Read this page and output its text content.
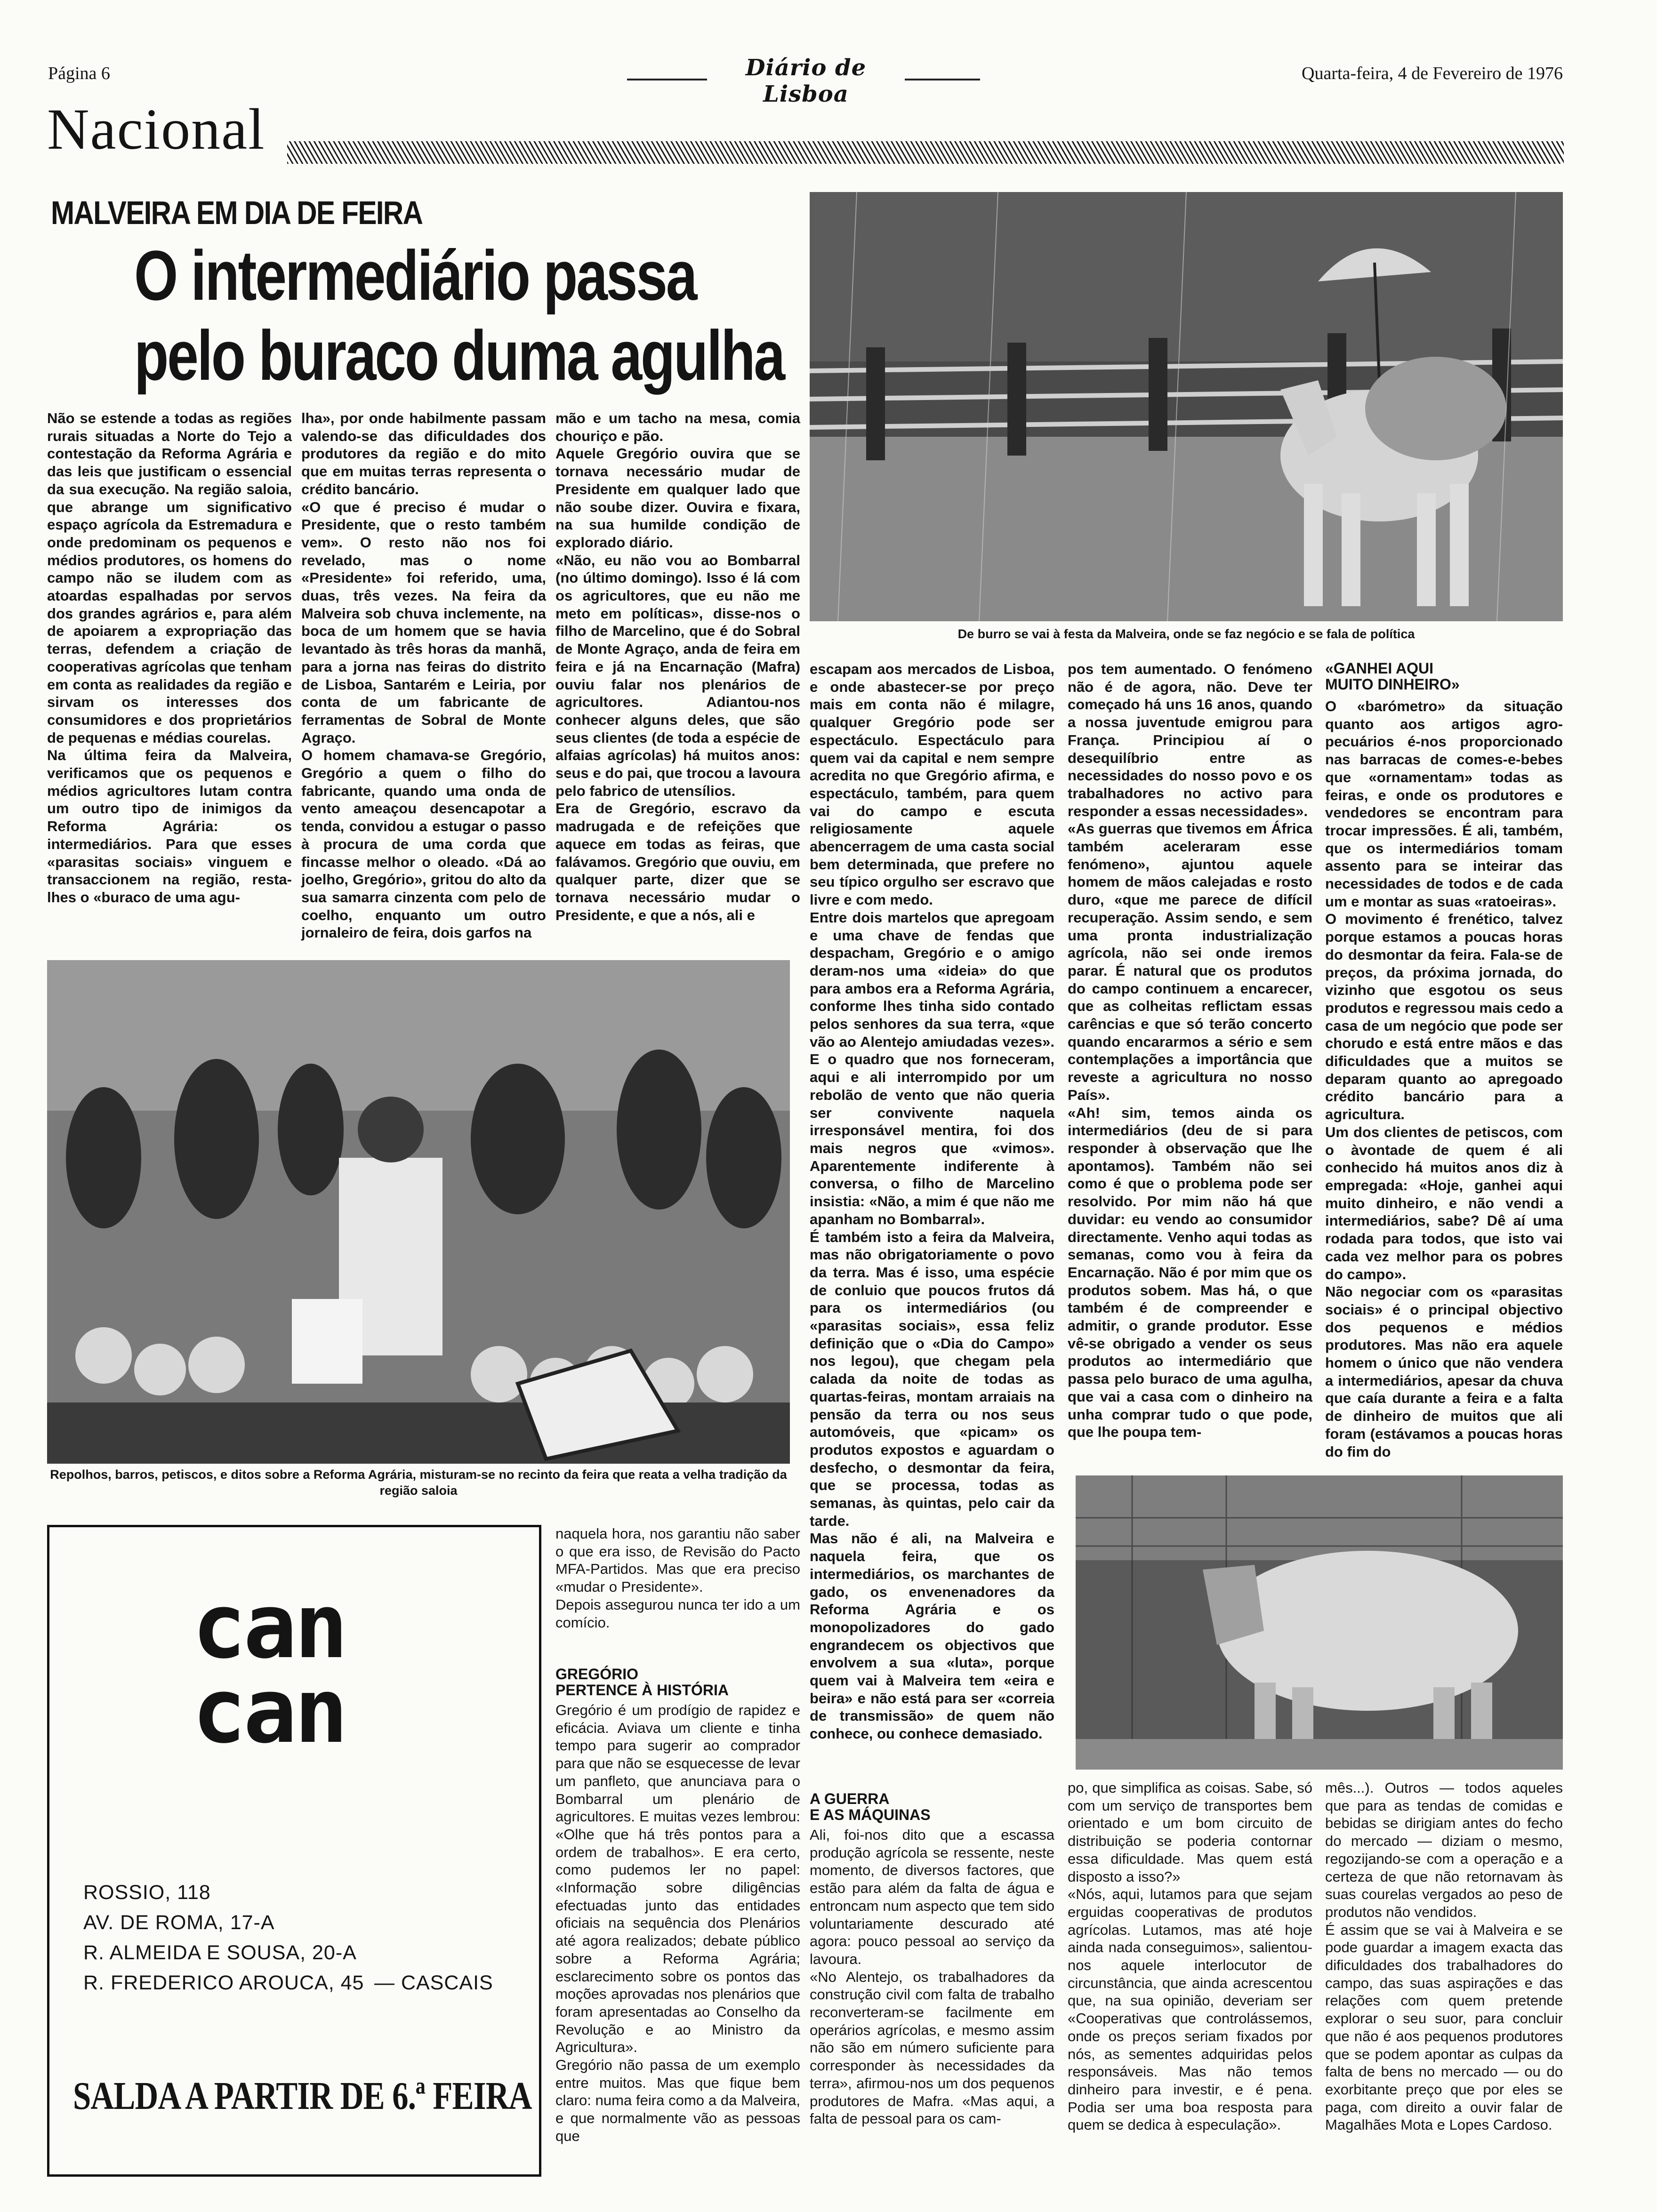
Página 6	Diário de Lisboa
Quarta-feira, 4 de Fevereiro de 1976
Nacional
MALVEIRA EM DIA DE FEIRA
O intermediário passa
pelo buraco duma agulha
De burro se vai à festa da Malveira, onde se faz negócio e se fala de política

Não se estende a todas as regiões rurais situadas a Norte do Tejo a contestação da Reforma Agrária e das leis que justificam o essencial da sua execução. Na região saloia, que abrange um significativo espaço agrícola da Estremadura e onde predominam os pequenos e médios produtores, os homens do campo não se iludem com as atoardas espalhadas por servos dos grandes agrários e, para além de apoiarem a expropriação das terras, defendem a criação de cooperativas agrícolas que tenham em conta as realidades da região e sirvam os interesses dos consumidores e dos proprietários de pequenas e médias courelas.
Na última feira da Malveira, verificamos que os pequenos e médios agricultores lutam contra um outro tipo de inimigos da Reforma Agrária: os intermediários. Para que esses «parasitas sociais» vinguem e transaccionem na região, resta-lhes o «buraco de uma agu-

lha», por onde habilmente passam valendo-se das dificuldades dos produtores da região e do mito que em muitas terras representa o crédito bancário.
«O que é preciso é mudar o Presidente, que o resto também vem». O resto não nos foi revelado, mas o nome «Presidente» foi referido, uma, duas, três vezes. Na feira da Malveira sob chuva inclemente, na boca de um homem que se havia levantado às três horas da manhã, para a jorna nas feiras do distrito de Lisboa, Santarém e Leiria, por conta de um fabricante de ferramentas de Sobral de Monte Agraço.
O homem chamava-se Gregório, Gregório a quem o filho do fabricante, quando uma onda de vento ameaçou desencapotar a tenda, convidou a estugar o passo à procura de uma corda que fincasse melhor o oleado. «Dá ao joelho, Gregório», gritou do alto da sua samarra cinzenta com pelo de coelho, enquanto um outro jornaleiro de feira, dois garfos na

mão e um tacho na mesa, comia chouriço e pão.
Aquele Gregório ouvira que se tornava necessário mudar de Presidente em qualquer lado que não soube dizer. Ouvira e fixara, na sua humilde condição de explorado diário.
«Não, eu não vou ao Bombarral (no último domingo). Isso é lá com os agricultores, que eu não me meto em políticas», disse-nos o filho de Marcelino, que é do Sobral de Monte Agraço, anda de feira em feira e já na Encarnação (Mafra) ouviu falar nos plenários de agricultores. Adiantou-nos conhecer alguns deles, que são seus clientes (de toda a espécie de alfaias agrícolas) há muitos anos: seus e do pai, que trocou a lavoura pelo fabrico de utensílios.
Era de Gregório, escravo da madrugada e de refeições que aquece em todas as feiras, que falávamos. Gregório que ouviu, em qualquer parte, dizer que se tornava necessário mudar o Presidente, e que a nós, ali e

Repolhos, barros, petiscos, e ditos sobre a Reforma Agrária, misturam-se no recinto da feira que reata a velha tradição da região saloia

escapam aos mercados de Lisboa, e onde abastecer-se por preço mais em conta não é milagre, qualquer Gregório pode ser espectáculo. Espectáculo para quem vai da capital e nem sempre acredita no que Gregório afirma, e espectáculo, também, para quem vai do campo e escuta religiosamente aquele abencerragem de uma casta social bem determinada, que prefere no seu típico orgulho ser escravo que livre e com medo.
Entre dois martelos que apregoam e uma chave de fendas que despacham, Gregório e o amigo deram-nos uma «ideia» do que para ambos era a Reforma Agrária, conforme lhes tinha sido contado pelos senhores da sua terra, «que vão ao Alentejo amiudadas vezes». E o quadro que nos forneceram, aqui e ali interrompido por um rebolão de vento que não queria ser convivente naquela irresponsável mentira, foi dos mais negros que «vimos». Aparentemente indiferente à conversa, o filho de Marcelino insistia: «Não, a mim é que não me apanham no Bombarral».
É também isto a feira da Malveira, mas não obrigatoriamente o povo da terra. Mas é isso, uma espécie de conluio que poucos frutos dá para os intermediários (ou «parasitas sociais», essa feliz definição que o «Dia do Campo» nos legou), que chegam pela calada da noite de todas as quartas-feiras, montam arraiais na pensão da terra ou nos seus automóveis, que «picam» os produtos expostos e aguardam o desfecho, o desmontar da feira, que se processa, todas as semanas, às quintas, pelo cair da tarde.
Mas não é ali, na Malveira e naquela feira, que os intermediários, os marchantes de gado, os envenenadores da Reforma Agrária e os monopolizadores do gado engrandecem os objectivos que envolvem a sua «luta», porque quem vai à Malveira tem «eira e beira» e não está para ser «correia de transmissão» de quem não conhece, ou conhece demasiado.

pos tem aumentado. O fenómeno não é de agora, não. Deve ter começado há uns 16 anos, quando a nossa juventude emigrou para França. Principiou aí o desequilíbrio entre as necessidades do nosso povo e os trabalhadores no activo para responder a essas necessidades».
«As guerras que tivemos em África também aceleraram esse fenómeno», ajuntou aquele homem de mãos calejadas e rosto duro, «que me parece de difícil recuperação. Assim sendo, e sem uma pronta industrialização agrícola, não sei onde iremos parar. É natural que os produtos do campo continuem a encarecer, que as colheitas reflictam essas carências e que só terão concerto quando encararmos a sério e sem contemplações a importância que reveste a agricultura no nosso País».
«Ah! sim, temos ainda os intermediários (deu de si para responder à observação que lhe apontamos). Também não sei como é que o problema pode ser resolvido. Por mim não há que duvidar: eu vendo ao consumidor directamente. Venho aqui todas as semanas, como vou à feira da Encarnação. Não é por mim que os produtos sobem. Mas há, o que também é de compreender e admitir, o grande produtor. Esse vê-se obrigado a vender os seus produtos ao intermediário que passa pelo buraco de uma agulha, que vai a casa com o dinheiro na unha comprar tudo o que pode, que lhe poupa tem-

«GANHEI AQUI
MUITO DINHEIRO»

O «barómetro» da situação quanto aos artigos agro-pecuários é-nos proporcionado nas barracas de comes-e-bebes que «ornamentam» todas as feiras, e onde os produtores e vendedores se encontram para trocar impressões. É ali, também, que os intermediários tomam assento para se inteirar das necessidades de todos e de cada um e montar as suas «ratoeiras».
O movimento é frenético, talvez porque estamos a poucas horas do desmontar da feira. Fala-se de preços, da próxima jornada, do vizinho que esgotou os seus produtos e regressou mais cedo a casa de um negócio que pode ser chorudo e está entre mãos e das dificuldades que a muitos se deparam quanto ao apregoado crédito bancário para a agricultura.
Um dos clientes de petiscos, com o àvontade de quem é ali conhecido há muitos anos diz à empregada: «Hoje, ganhei aqui muito dinheiro, e não vendi a intermediários, sabe? Dê aí uma rodada para todos, que isto vai cada vez melhor para os pobres do campo».
Não negociar com os «parasitas sociais» é o principal objectivo dos pequenos e médios produtores. Mas não era aquele homem o único que não vendera a intermediários, apesar da chuva que caía durante a feira e a falta de dinheiro de muitos que ali foram (estávamos a poucas horas do fim do

can
can
ROSSIO, 118
AV. DE ROMA, 17-A
R. ALMEIDA E SOUSA, 20-A
R. FREDERICO AROUCA, 45 — CASCAIS
SALDA A PARTIR DE 6.ª FEIRA

naquela hora, nos garantiu não saber o que era isso, de Revisão do Pacto MFA-Partidos. Mas que era preciso «mudar o Presidente».
Depois assegurou nunca ter ido a um comício.

GREGÓRIO
PERTENCE À HISTÓRIA

Gregório é um prodígio de rapidez e eficácia. Aviava um cliente e tinha tempo para sugerir ao comprador para que não se esquecesse de levar um panfleto, que anunciava para o Bombarral um plenário de agricultores. E muitas vezes lembrou: «Olhe que há três pontos para a ordem de trabalhos». E era certo, como pudemos ler no papel: «Informação sobre diligências efectuadas junto das entidades oficiais na sequência dos Plenários até agora realizados; debate público sobre a Reforma Agrária; esclarecimento sobre os pontos das moções aprovadas nos plenários que foram apresentadas ao Conselho da Revolução e ao Ministro da Agricultura».
Gregório não passa de um exemplo entre muitos. Mas que fique bem claro: numa feira como a da Malveira, e que normalmente vão as pessoas que

A GUERRA
E AS MÁQUINAS

Ali, foi-nos dito que a escassa produção agrícola se ressente, neste momento, de diversos factores, que estão para além da falta de água e entroncam num aspecto que tem sido voluntariamente descurado até agora: pouco pessoal ao serviço da lavoura.
«No Alentejo, os trabalhadores da construção civil com falta de trabalho reconverteram-se facilmente em operários agrícolas, e mesmo assim não são em número suficiente para corresponder às necessidades da terra», afirmou-nos um dos pequenos produtores de Mafra. «Mas aqui, a falta de pessoal para os cam-

po, que simplifica as coisas. Sabe, só com um serviço de transportes bem orientado e um bom circuito de distribuição se poderia contornar essa dificuldade. Mas quem está disposto a isso?»
«Nós, aqui, lutamos para que sejam erguidas cooperativas de produtos agrícolas. Lutamos, mas até hoje ainda nada conseguimos», salientou-nos aquele interlocutor de circunstância, que ainda acrescentou que, na sua opinião, deveriam ser «Cooperativas que controlássemos, onde os preços seriam fixados por nós, as sementes adquiridas pelos responsáveis. Mas não temos dinheiro para investir, e é pena. Podia ser uma boa resposta para quem se dedica à especulação».

mês...). Outros — todos aqueles que para as tendas de comidas e bebidas se dirigiam antes do fecho do mercado — diziam o mesmo, regozijando-se com a operação e a certeza de que não retornavam às suas courelas vergados ao peso de produtos não vendidos.
É assim que se vai à Malveira e se pode guardar a imagem exacta das dificuldades dos trabalhadores do campo, das suas aspirações e das relações com quem pretende explorar o seu suor, para concluir que não é aos pequenos produtores que se podem apontar as culpas da falta de bens no mercado — ou do exorbitante preço que por eles se paga, com direito a ouvir falar de Magalhães Mota e Lopes Cardoso.
